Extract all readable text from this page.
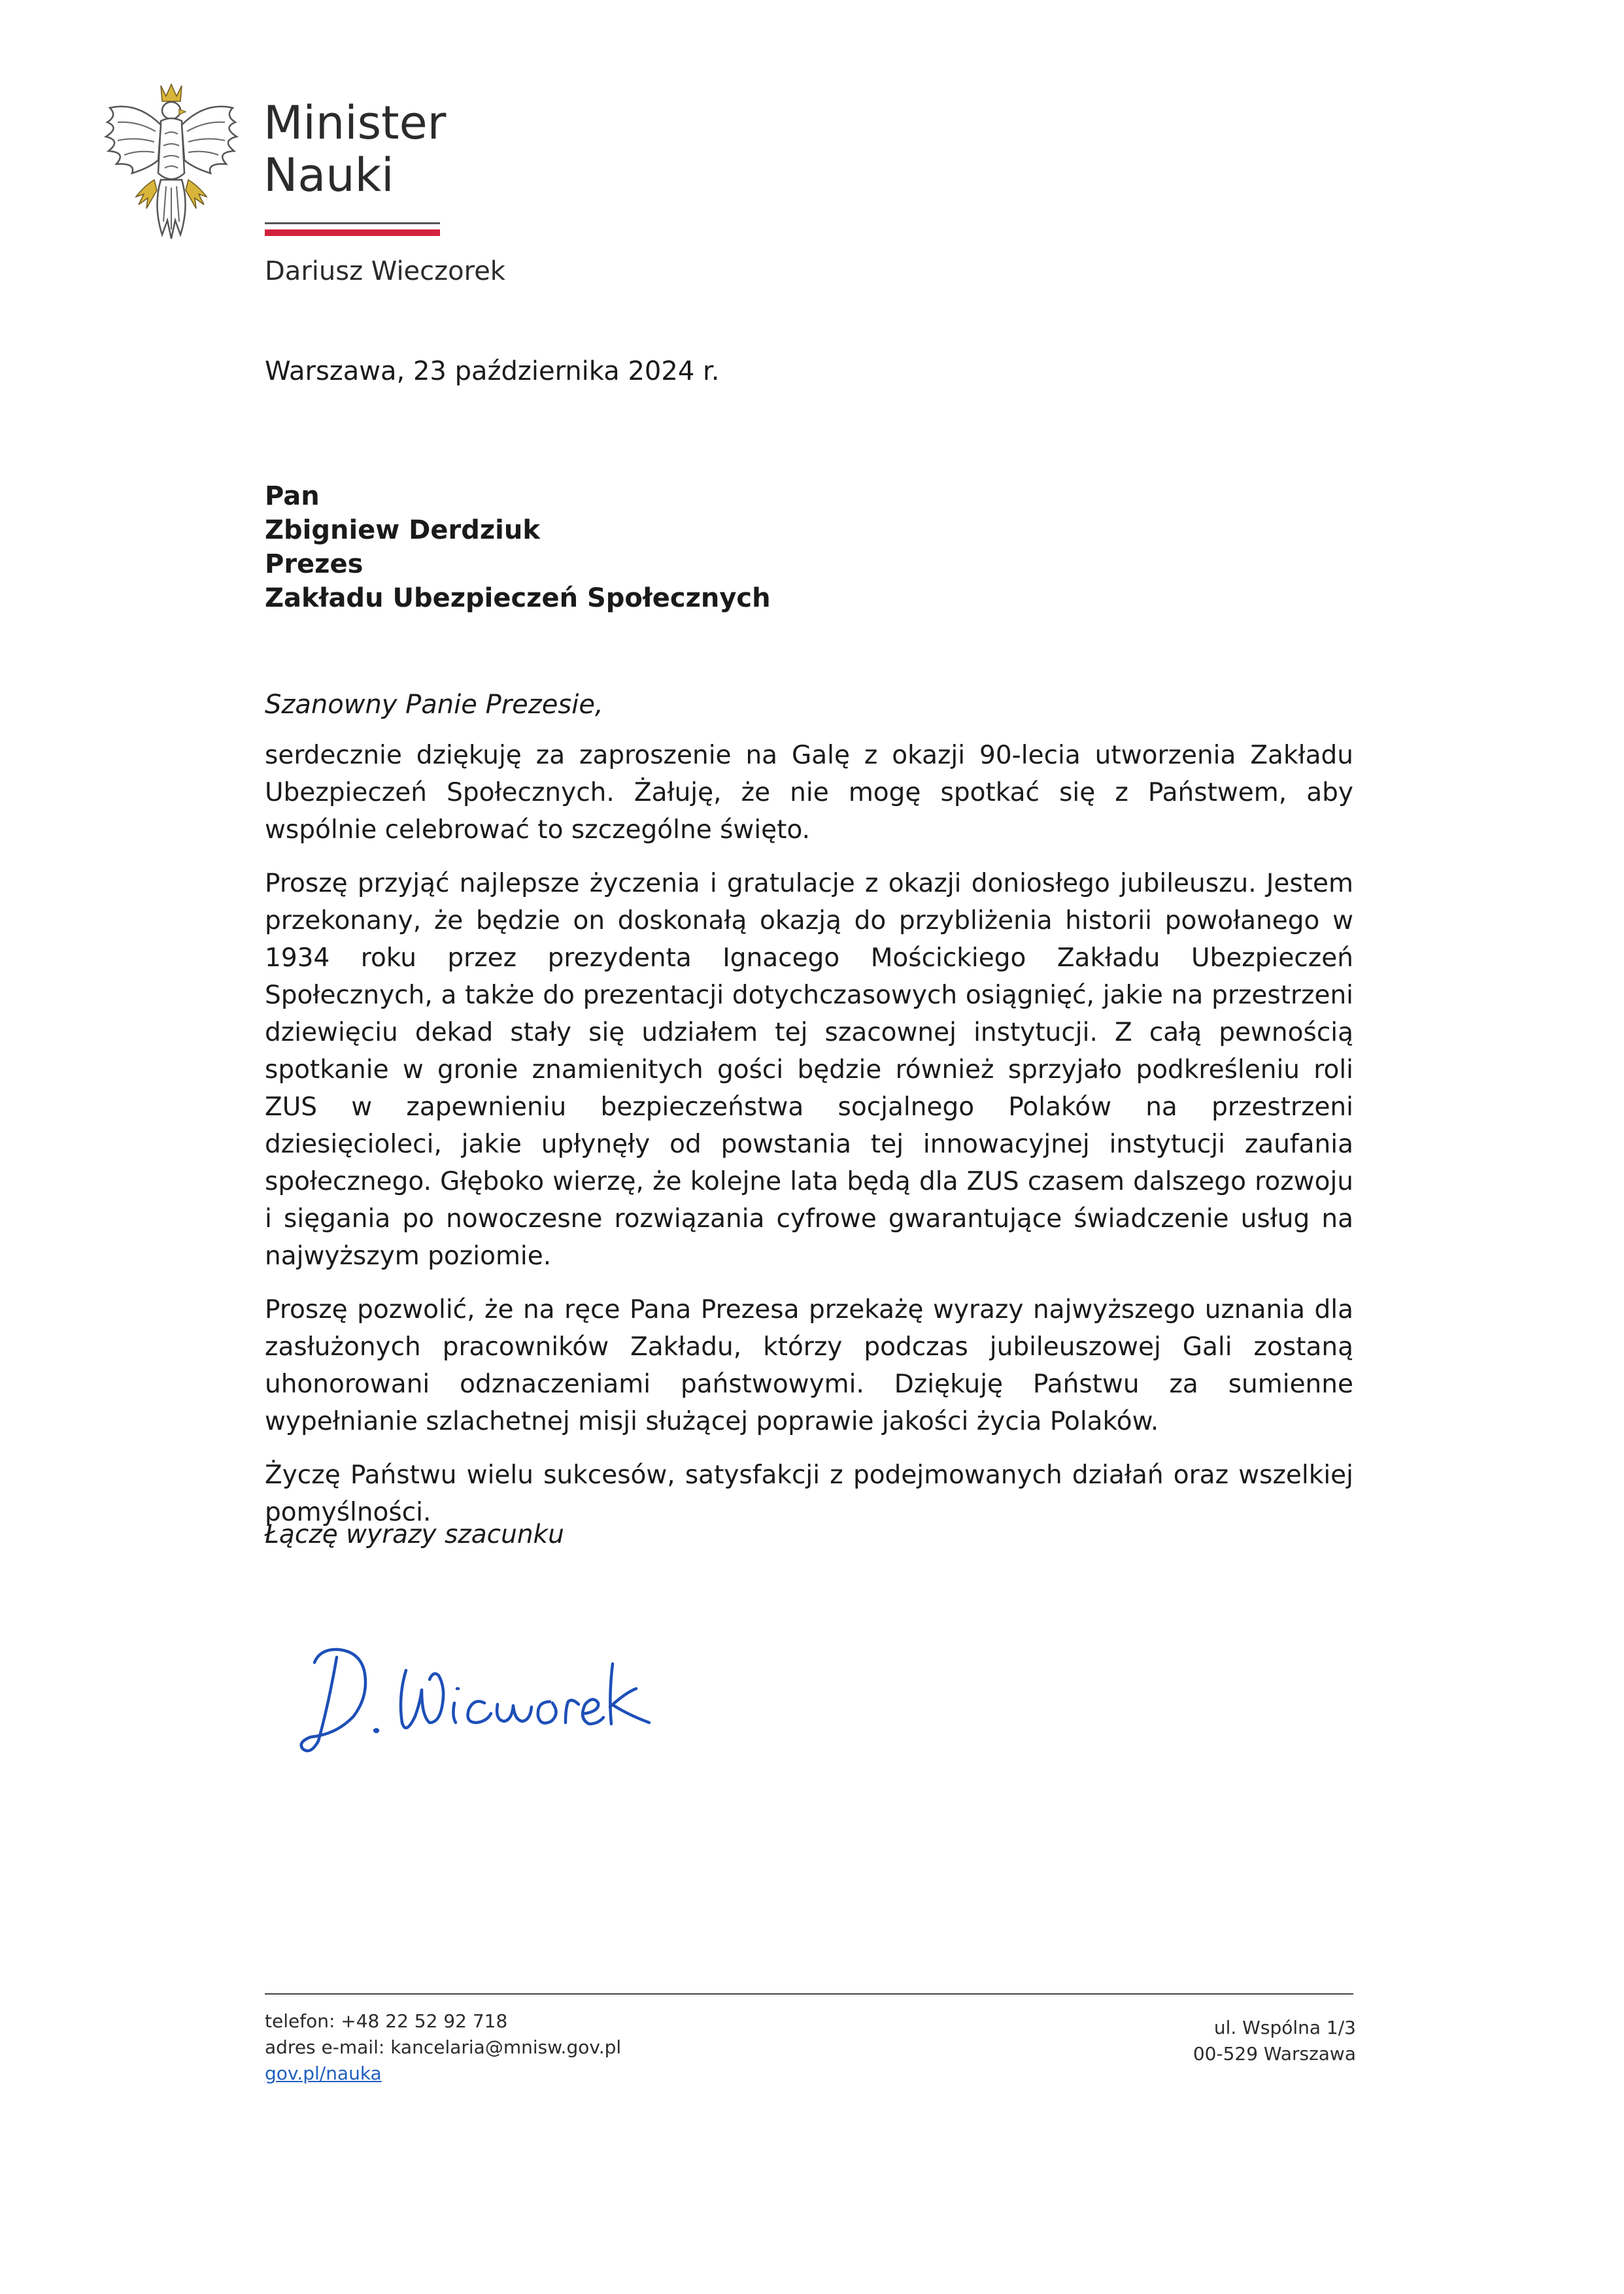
Minister
Nauki
Dariusz Wieczorek
Warszawa, 23 października 2024 r.
Pan
Zbigniew Derdziuk
Prezes
Zakładu Ubezpieczeń Społecznych
Szanowny Panie Prezesie,

serdecznie dziękuję za zaproszenie na Galę z okazji 90-lecia utworzenia Zakładu Ubezpieczeń Społecznych. Żałuję, że nie mogę spotkać się z Państwem, aby wspólnie celebrować to szczególne święto.

Proszę przyjąć najlepsze życzenia i gratulacje z okazji doniosłego jubileuszu. Jestem przekonany, że będzie on doskonałą okazją do przybliżenia historii powołanego w 1934 roku przez prezydenta Ignacego Mościckiego Zakładu Ubezpieczeń Społecznych, a także do prezentacji dotychczasowych osiągnięć, jakie na przestrzeni dziewięciu dekad stały się udziałem tej szacownej instytucji. Z całą pewnością spotkanie w gronie znamienitych gości będzie również sprzyjało podkreśleniu roli ZUS w zapewnieniu bezpieczeństwa socjalnego Polaków na przestrzeni dziesięcioleci, jakie upłynęły od powstania tej innowacyjnej instytucji zaufania społecznego. Głęboko wierzę, że kolejne lata będą dla ZUS czasem dalszego rozwoju i sięgania po nowoczesne rozwiązania cyfrowe gwarantujące świadczenie usług na najwyższym poziomie.

Proszę pozwolić, że na ręce Pana Prezesa przekażę wyrazy najwyższego uznania dla zasłużonych pracowników Zakładu, którzy podczas jubileuszowej Gali zostaną uhonorowani odznaczeniami państwowymi. Dziękuję Państwu za sumienne wypełnianie szlachetnej misji służącej poprawie jakości życia Polaków.

Życzę Państwu wielu sukcesów, satysfakcji z podejmowanych działań oraz wszelkiej pomyślności.

Łączę wyrazy szacunku
telefon: +48 22 52 92 718
adres e-mail: kancelaria@mnisw.gov.pl
gov.pl/nauka
ul. Wspólna 1/3
00-529 Warszawa
